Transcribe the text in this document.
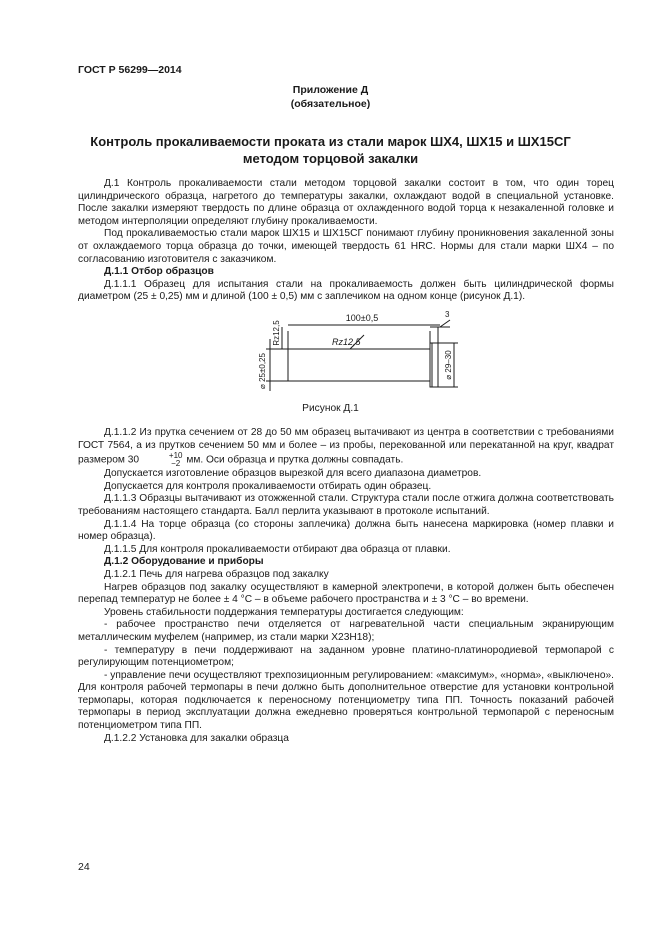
ГОСТ Р 56299—2014
Приложение Д
(обязательное)
Контроль прокаливаемости проката из стали марок ШХ4, ШХ15 и ШХ15СГ
методом торцовой закалки

Д.1 Контроль прокаливаемости стали методом торцовой закалки состоит в том, что один торец цилиндрического образца, нагретого до температуры закалки, охлаждают водой в специальной установке. После закалки измеряют твердость по длине образца от охлажденного водой торца к незакаленной головке и методом интерполяции определяют глубину прокаливаемости.

Под прокаливаемостью стали марок ШХ15 и ШХ15СГ понимают глубину проникновения закаленной зоны от охлаждаемого торца образца до точки, имеющей твердость 61 HRC. Нормы для стали марки ШХ4 – по согласованию изготовителя с заказчиком.

Д.1.1 Отбор образцов

Д.1.1.1 Образец для испытания стали на прокаливаемость должен быть цилиндрической формы диаметром (25 ± 0,25) мм и длиной (100 ± 0,5) мм с заплечиком на одном конце (рисунок Д.1).

100±0,5
⌀ 25±0,25
Rz12,5
3
⌀ 29–30
Rz12,5
Рисунок Д.1

Д.1.1.2 Из прутка сечением от 28 до 50 мм образец вытачивают из центра в соответствии с требованиями ГОСТ 7564, а из прутков сечением 50 мм и более – из пробы, перекованной или перекатанной на круг, квадрат размером 30	+10
−2 мм. Оси образца и прутка должны совпадать.

Допускается изготовление образцов вырезкой для всего диапазона диаметров.

Допускается для контроля прокаливаемости отбирать один образец.

Д.1.1.3 Образцы вытачивают из отожженной стали. Структура стали после отжига должна соответствовать требованиям настоящего стандарта. Балл перлита указывают в протоколе испытаний.

Д.1.1.4 На торце образца (со стороны заплечика) должна быть нанесена маркировка (номер плавки и номер образца).

Д.1.1.5 Для контроля прокаливаемости отбирают два образца от плавки.

Д.1.2 Оборудование и приборы

Д.1.2.1 Печь для нагрева образцов под закалку

Нагрев образцов под закалку осуществляют в камерной электропечи, в которой должен быть обеспечен перепад температур не более ± 4 °С – в объеме рабочего пространства и ± 3 °С – во времени.

Уровень стабильности поддержания температуры достигается следующим:

- рабочее пространство печи отделяется от нагревательной части специальным экранирующим металлическим муфелем (например, из стали марки Х23Н18);

- температуру в печи поддерживают на заданном уровне платино-платинородиевой термопарой с регулирующим потенциометром;

- управление печи осуществляют трехпозиционным регулированием: «максимум», «норма», «выключено». Для контроля рабочей термопары в печи должно быть дополнительное отверстие для установки контрольной термопары, которая подключается к переносному потенциометру типа ПП. Точность показаний рабочей термопары в период эксплуатации должна ежедневно проверяться контрольной термопарой с переносным потенциометром типа ПП.

Д.1.2.2 Установка для закалки образца

24
